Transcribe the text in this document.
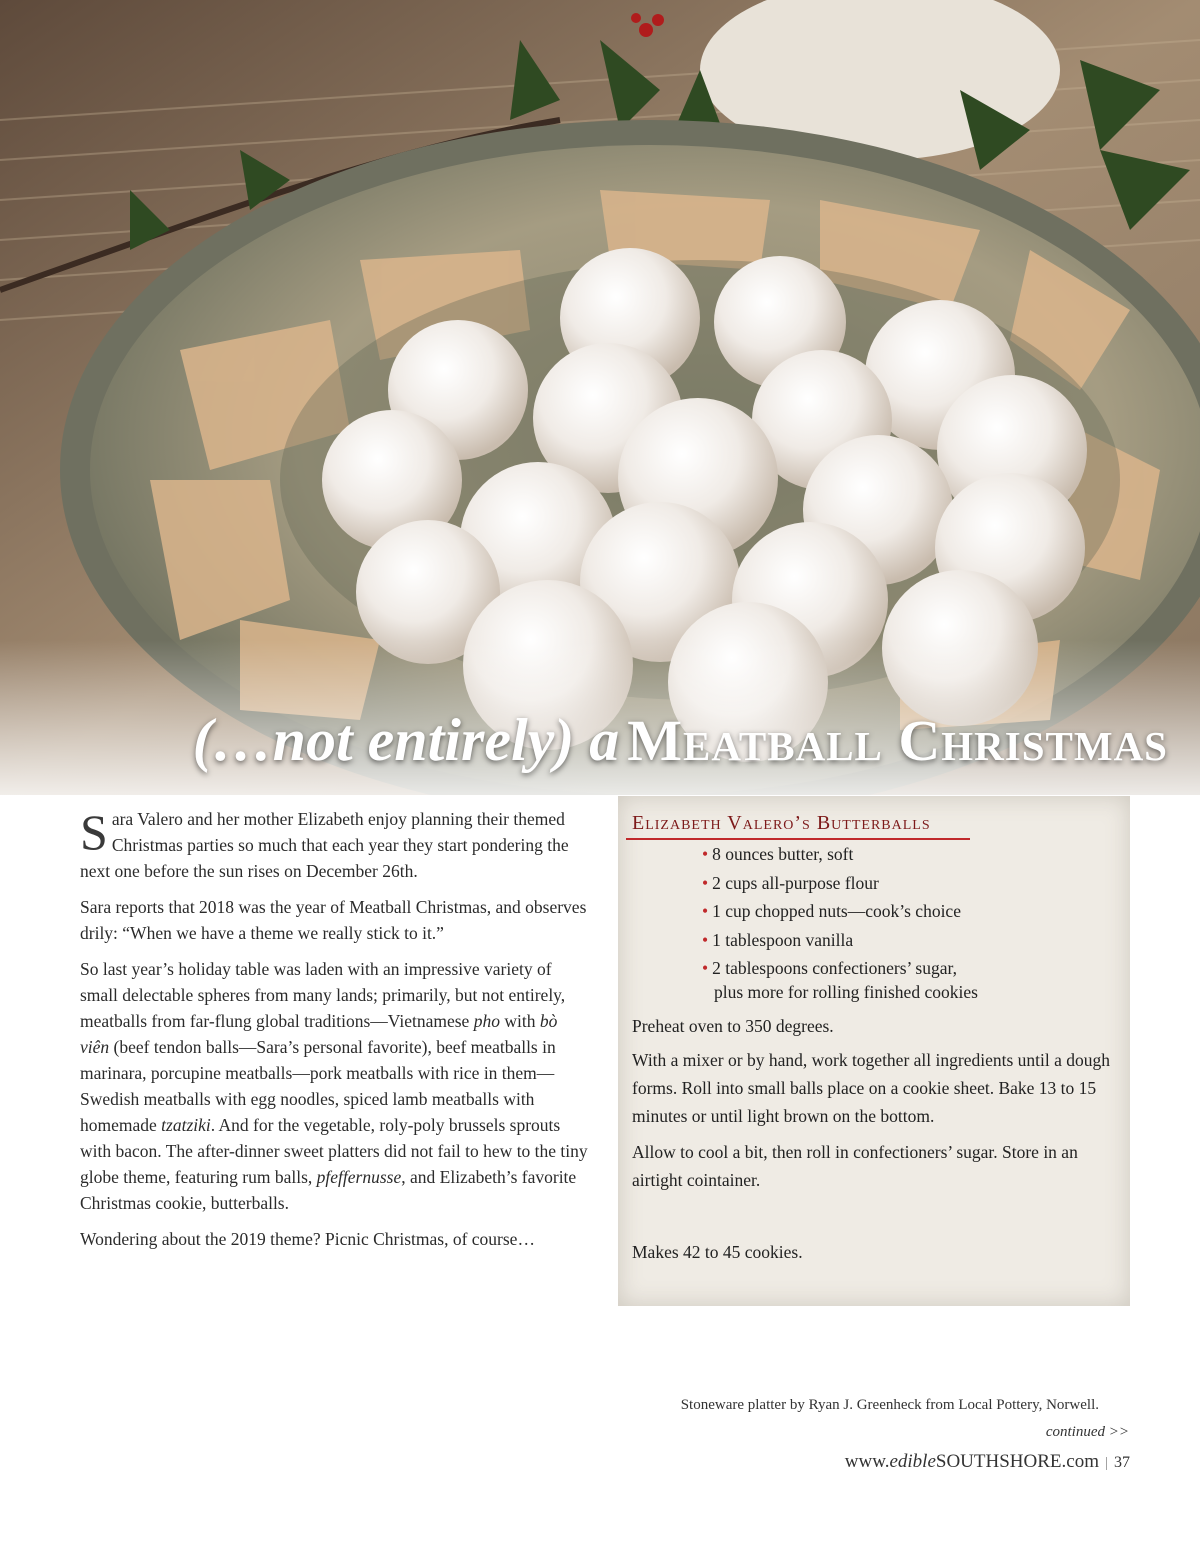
(…not entirely) a Meatball Christmas

Sara Valero and her mother Elizabeth enjoy planning their themed Christmas parties so much that each year they start pondering the next one before the sun rises on December 26th.

Sara reports that 2018 was the year of Meatball Christmas, and observes drily: “When we have a theme we really stick to it.”

So last year’s holiday table was laden with an impressive variety of small delectable spheres from many lands; primarily, but not entirely, meatballs from far-flung global traditions—Vietnamese pho with bò viên (beef tendon balls—Sara’s personal favorite), beef meatballs in marinara, porcupine meatballs—pork meatballs with rice in them—Swedish meatballs with egg noodles, spiced lamb meatballs with homemade tzatziki. And for the vegetable, roly-poly brussels sprouts with bacon. The after-dinner sweet platters did not fail to hew to the tiny globe theme, featuring rum balls, pfeffernusse, and Elizabeth’s favorite Christmas cookie, butterballs.

Wondering about the 2019 theme? Picnic Christmas, of course…

Elizabeth Valero’s Butterballs
• 8 ounces butter, soft
• 2 cups all-purpose flour
• 1 cup chopped nuts—cook’s choice
• 1 tablespoon vanilla
• 2 tablespoons confectioners’ sugar,
plus more for rolling finished cookies

Preheat oven to 350 degrees.

With a mixer or by hand, work together all ingredients until a dough forms. Roll into small balls place on a cookie sheet. Bake 13 to 15 minutes or until light brown on the bottom.

Allow to cool a bit, then roll in confectioners’ sugar. Store in an airtight cointainer.

Makes 42 to 45 cookies.

Stoneware platter by Ryan J. Greenheck from Local Pottery, Norwell.

continued >>

www.edibleSOUTHSHORE.com | 37
